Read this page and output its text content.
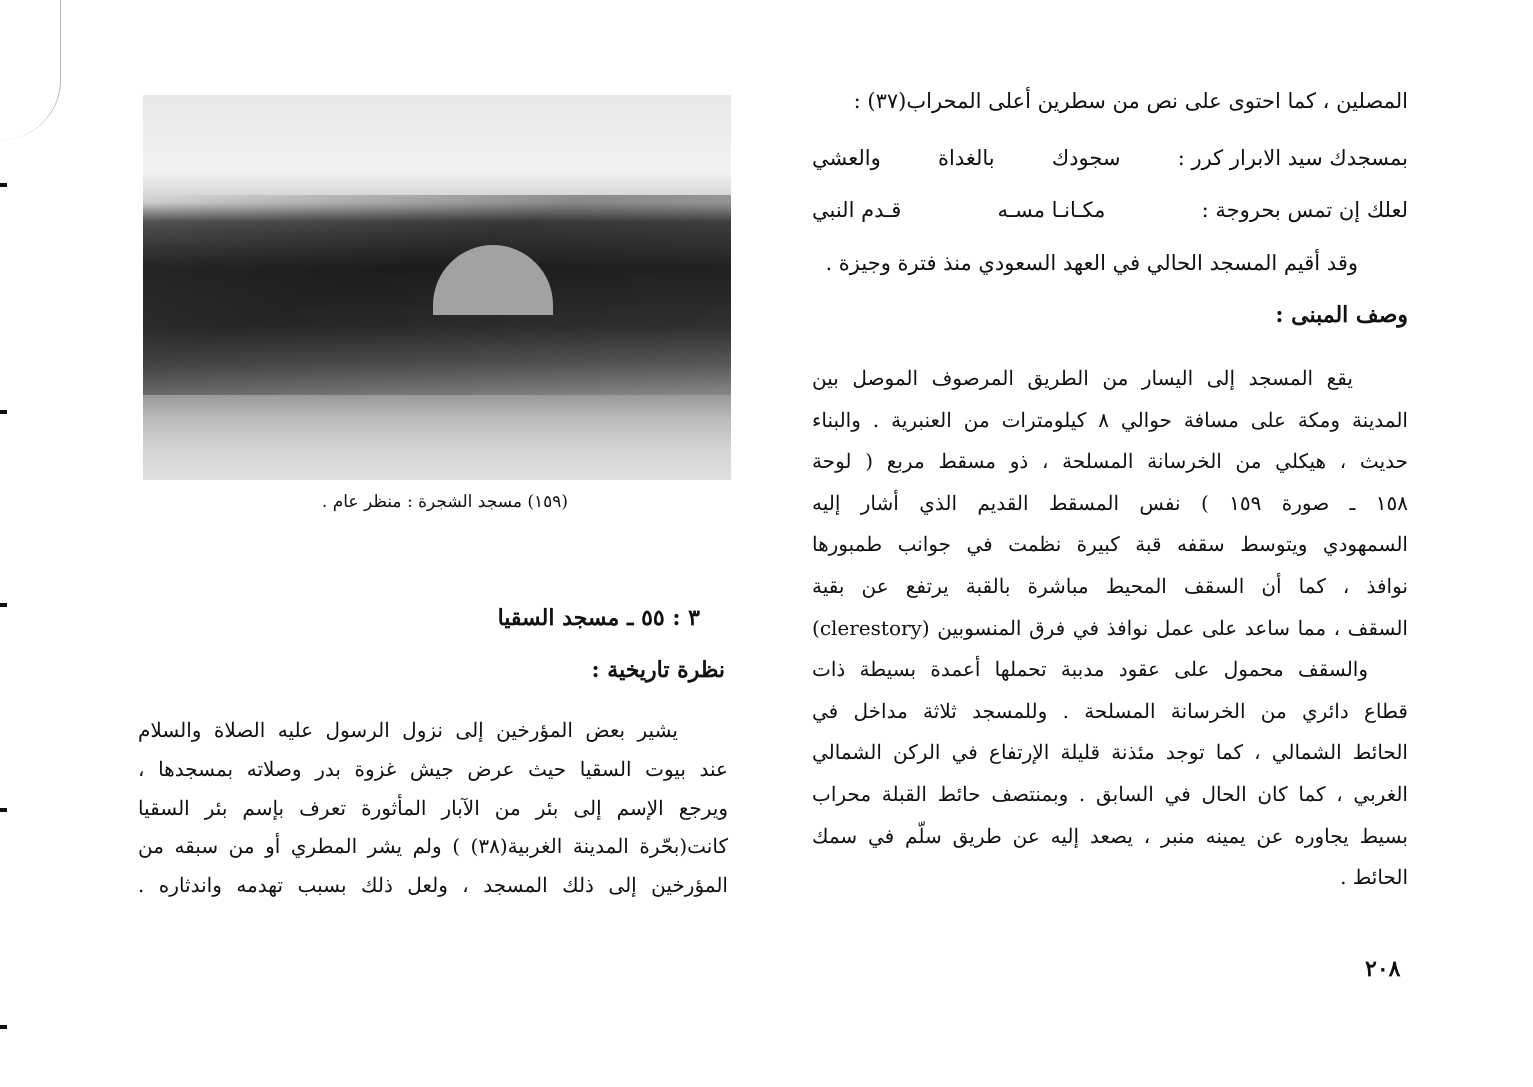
المصلين ، كما احتوى على نص من سطرين أعلى المحراب(٣٧) :
بمسجدك سيد الابرار كرر :
سجودك
بالغداة
والعشي
لعلك إن تمس بحروجة :
مكـانـا مسـه
قـدم النبي
وقد أقيم المسجد الحالي في العهد السعودي منذ فترة وجيزة .
وصف المبنى :
يقع المسجد إلى اليسار من الطريق المرصوف الموصل بين
المدينة ومكة على مسافة حوالي ٨ كيلومترات من العنبرية . والبناء
حديث ، هيكلي من الخرسانة المسلحة ، ذو مسقط مربع ( لوحة
١٥٨ ـ صورة ١٥٩ ) نفس المسقط القديم الذي أشار إليه
السمهودي ويتوسط سقفه قبة كبيرة نظمت في جوانب طمبورها
نوافذ ، كما أن السقف المحيط مباشرة بالقبة يرتفع عن بقية
السقف ، مما ساعد على عمل نوافذ في فرق المنسوبين (clerestory)
والسقف محمول على عقود مدببة تحملها أعمدة بسيطة ذات
قطاع دائري من الخرسانة المسلحة . وللمسجد ثلاثة مداخل في
الحائط الشمالي ، كما توجد مئذنة قليلة الإرتفاع في الركن الشمالي
الغربي ، كما كان الحال في السابق . وبمنتصف حائط القبلة محراب
بسيط يجاوره عن يمينه منبر ، يصعد إليه عن طريق سلّم في سمك
الحائط .
(١٥٩) مسجد الشجرة : منظر عام .
٣ : ٥٥ ـ مسجد السقيا
نظرة تاريخية :
يشير بعض المؤرخين إلى نزول الرسول عليه الصلاة والسلام
عند بيوت السقيا حيث عرض جيش غزوة بدر وصلاته بمسجدها ،
ويرجع الإسم إلى بئر من الآبار المأثورة تعرف بإسم بئر السقيا
كانت(بحّرة المدينة الغربية(٣٨) ) ولم يشر المطري أو من سبقه من
المؤرخين إلى ذلك المسجد ، ولعل ذلك بسبب تهدمه واندثاره .
٢٠٨
